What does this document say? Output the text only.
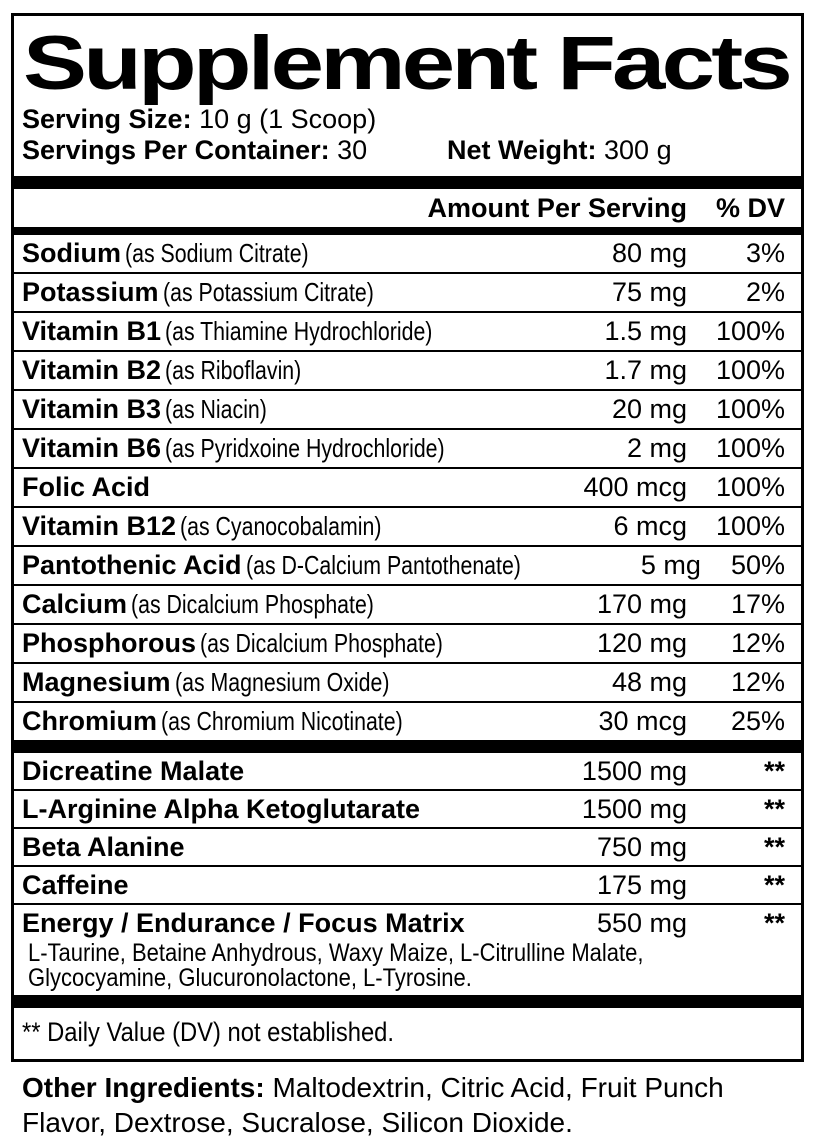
Supplement Facts
Serving Size: 10 g (1 Scoop)
Servings Per Container: 30	Net Weight: 300 g
Amount Per Serving	% DV
Sodium (as Sodium Citrate)	80 mg	3%
Potassium (as Potassium Citrate)	75 mg	2%
Vitamin B1 (as Thiamine Hydrochloride)	1.5 mg	100%
Vitamin B2 (as Riboflavin)	1.7 mg	100%
Vitamin B3 (as Niacin)	20 mg	100%
Vitamin B6 (as Pyridxoine Hydrochloride)	2 mg	100%
Folic Acid	400 mcg	100%
Vitamin B12 (as Cyanocobalamin)	6 mcg	100%
Pantothenic Acid (as D-Calcium Pantothenate)	5 mg	50%
Calcium (as Dicalcium Phosphate)	170 mg	17%
Phosphorous (as Dicalcium Phosphate)	120 mg	12%
Magnesium (as Magnesium Oxide)	48 mg	12%
Chromium (as Chromium Nicotinate)	30 mcg	25%
Dicreatine Malate	1500 mg	**
L-Arginine Alpha Ketoglutarate	1500 mg	**
Beta Alanine	750 mg	**
Caffeine	175 mg	**
Energy / Endurance / Focus Matrix	550 mg	**
L-Taurine, Betaine Anhydrous, Waxy Maize, L-Citrulline Malate,
Glycocyamine, Glucuronolactone, L-Tyrosine.
** Daily Value (DV) not established.
Other Ingredients: Maltodextrin, Citric Acid, Fruit Punch Flavor, Dextrose, Sucralose, Silicon Dioxide.
